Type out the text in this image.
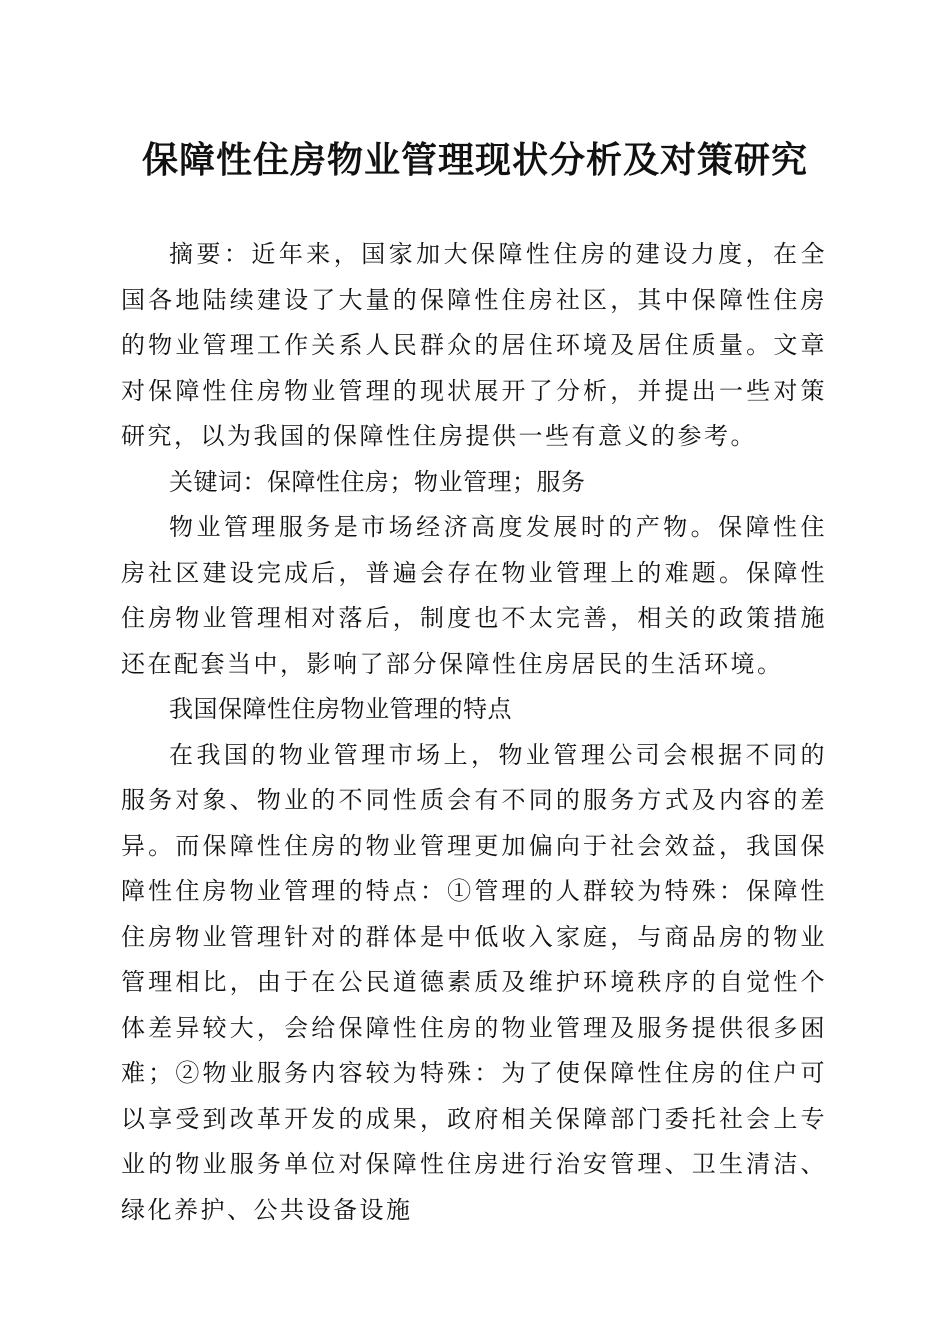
保障性住房物业管理现状分析及对策研究

摘要：近年来，国家加大保障性住房的建设力度，在全国各地陆续建设了大量的保障性住房社区，其中保障性住房的物业管理工作关系人民群众的居住环境及居住质量。文章对保障性住房物业管理的现状展开了分析，并提出一些对策研究，以为我国的保障性住房提供一些有意义的参考。

关键词：保障性住房；物业管理；服务

物业管理服务是市场经济高度发展时的产物。保障性住房社区建设完成后，普遍会存在物业管理上的难题。保障性住房物业管理相对落后，制度也不太完善，相关的政策措施还在配套当中，影响了部分保障性住房居民的生活环境。

我国保障性住房物业管理的特点

在我国的物业管理市场上，物业管理公司会根据不同的服务对象、物业的不同性质会有不同的服务方式及内容的差异。而保障性住房的物业管理更加偏向于社会效益，我国保障性住房物业管理的特点：①管理的人群较为特殊：保障性住房物业管理针对的群体是中低收入家庭，与商品房的物业管理相比，由于在公民道德素质及维护环境秩序的自觉性个体差异较大，会给保障性住房的物业管理及服务提供很多困难；②物业服务内容较为特殊：为了使保障性住房的住户可以享受到改革开发的成果，政府相关保障部门委托社会上专业的物业服务单位对保障性住房进行治安管理、卫生清洁、绿化养护、公共设备设施
